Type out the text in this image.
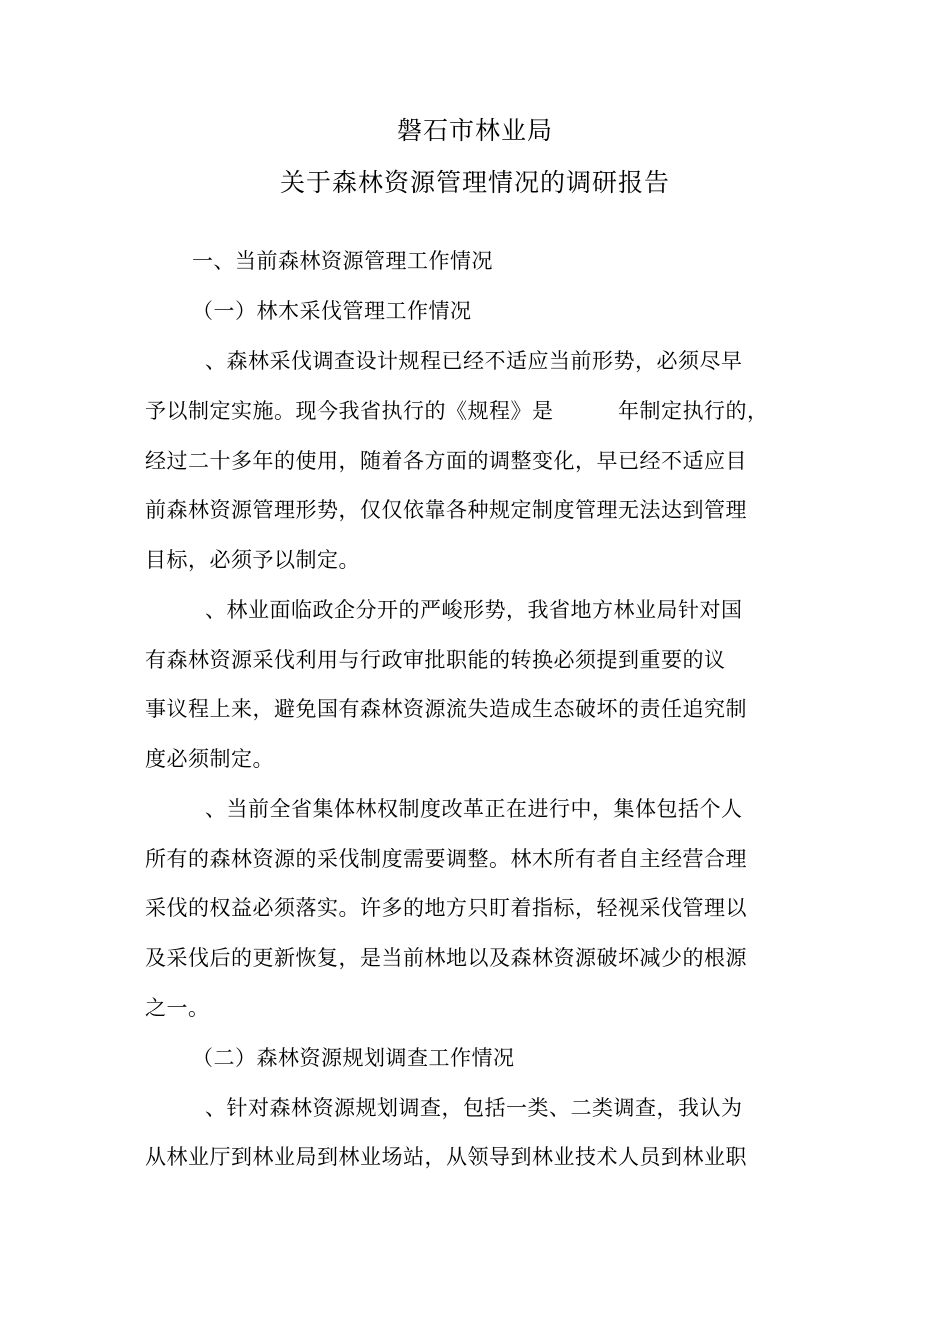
磐石市林业局
关于森林资源管理情况的调研报告
一、当前森林资源管理工作情况
（一）林木采伐管理工作情况
、森林采伐调查设计规程已经不适应当前形势，必须尽早
予以制定实施。现今我省执行的《规程》是　　　年制定执行的，
经过二十多年的使用，随着各方面的调整变化，早已经不适应目
前森林资源管理形势，仅仅依靠各种规定制度管理无法达到管理
目标，必须予以制定。
、林业面临政企分开的严峻形势，我省地方林业局针对国
有森林资源采伐利用与行政审批职能的转换必须提到重要的议
事议程上来，避免国有森林资源流失造成生态破坏的责任追究制
度必须制定。
、当前全省集体林权制度改革正在进行中，集体包括个人
所有的森林资源的采伐制度需要调整。林木所有者自主经营合理
采伐的权益必须落实。许多的地方只盯着指标，轻视采伐管理以
及采伐后的更新恢复，是当前林地以及森林资源破坏减少的根源
之一。
（二）森林资源规划调查工作情况
、针对森林资源规划调查，包括一类、二类调查，我认为
从林业厅到林业局到林业场站，从领导到林业技术人员到林业职
